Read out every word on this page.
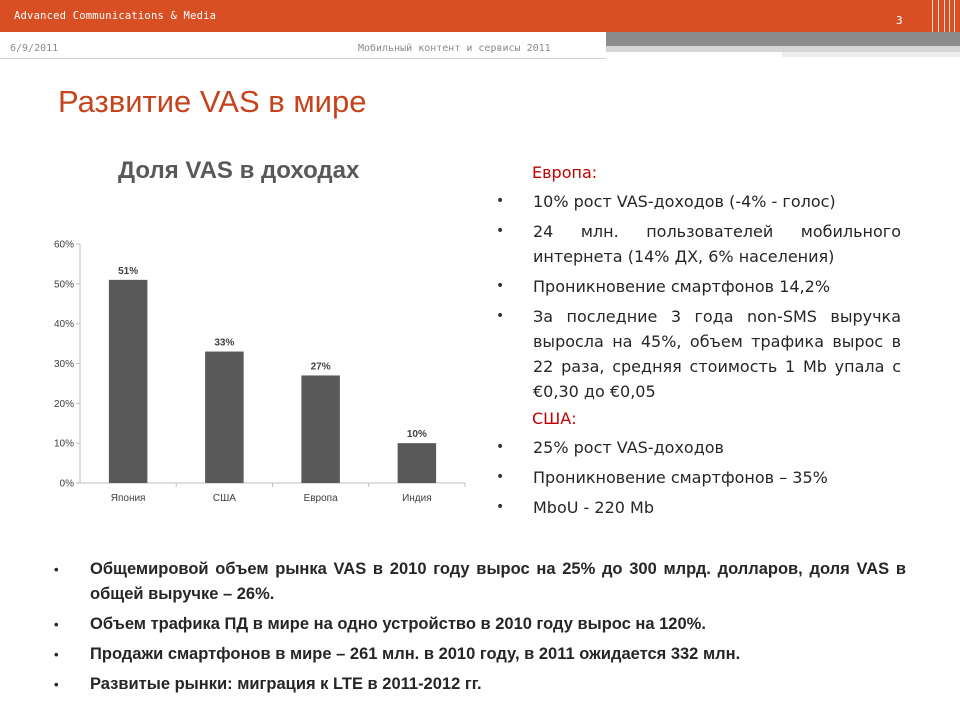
Advanced Communications & Media	3
6/9/2011	Мобильный контент и сервисы 2011
Развитие VAS в мире
Доля VAS в доходах
0%
10%
20%
30%
40%
50%
60%
51%
Япония
33%
США
27%
Европа
10%
Индия
Европа:
• 10% рост VAS-доходов (-4% - голос)
• 24 млн. пользователей мобильного интернета (14% ДХ, 6% населения)
• Проникновение смартфонов 14,2%
• За последние 3 года non-SMS выручка выросла на 45%, объем трафика вырос в 22 раза, средняя стоимость 1 Mb упала с €0,30 до €0,05
США:
• 25% рост VAS-доходов
• Проникновение смартфонов – 35%
• MbоU - 220 Mb
• Общемировой объем рынка VAS в 2010 году вырос на 25% до 300 млрд. долларов, доля VAS в общей выручке – 26%.
• Объем трафика ПД в мире на одно устройство в 2010 году вырос на 120%.
• Продажи смартфонов в мире – 261 млн. в 2010 году, в 2011 ожидается 332 млн.
• Развитые рынки: миграция к LTE в 2011-2012 гг.
